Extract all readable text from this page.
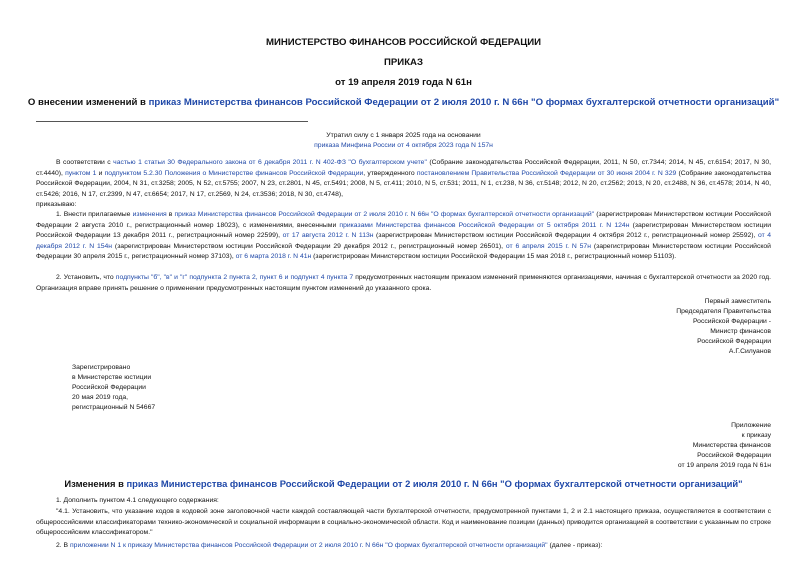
МИНИСТЕРСТВО ФИНАНСОВ РОССИЙСКОЙ ФЕДЕРАЦИИ
ПРИКАЗ
от 19 апреля 2019 года N 61н
О внесении изменений в приказ Министерства финансов Российской Федерации от 2 июля 2010 г. N 66н "О формах бухгалтерской отчетности организаций"
Утратил силу с 1 января 2025 года на основании
приказа Минфина России от 4 октября 2023 года N 157н

В соответствии с частью 1 статьи 30 Федерального закона от 6 декабря 2011 г. N 402-ФЗ "О бухгалтерском учете" (Собрание законодательства Российской Федерации, 2011, N 50, ст.7344; 2014, N 45, ст.6154; 2017, N 30, ст.4440), пунктом 1 и подпунктом 5.2.30 Положения о Министерстве финансов Российской Федерации, утвержденного постановлением Правительства Российской Федерации от 30 июня 2004 г. N 329 (Собрание законодательства Российской Федерации, 2004, N 31, ст.3258; 2005, N 52, ст.5755; 2007, N 23, ст.2801, N 45, ст.5491; 2008, N 5, ст.411; 2010, N 5, ст.531; 2011, N 1, ст.238, N 36, ст.5148; 2012, N 20, ст.2562; 2013, N 20, ст.2488, N 36, ст.4578; 2014, N 40, ст.5426; 2016, N 17, ст.2399, N 47, ст.6654; 2017, N 17, ст.2569, N 24, ст.3536; 2018, N 30, ст.4748),
приказываю:

1. Внести прилагаемые изменения в приказ Министерства финансов Российской Федерации от 2 июля 2010 г. N 66н "О формах бухгалтерской отчетности организаций" (зарегистрирован Министерством юстиции Российской Федерации 2 августа 2010 г., регистрационный номер 18023), с изменениями, внесенными приказами Министерства финансов Российской Федерации от 5 октября 2011 г. N 124н (зарегистрирован Министерством юстиции Российской Федерации 13 декабря 2011 г., регистрационный номер 22599), от 17 августа 2012 г. N 113н (зарегистрирован Министерством юстиции Российской Федерации 4 октября 2012 г., регистрационный номер 25592), от 4 декабря 2012 г. N 154н (зарегистрирован Министерством юстиции Российской Федерации 29 декабря 2012 г., регистрационный номер 26501), от 6 апреля 2015 г. N 57н (зарегистрирован Министерством юстиции Российской Федерации 30 апреля 2015 г., регистрационный номер 37103), от 6 марта 2018 г. N 41н (зарегистрирован Министерством юстиции Российской Федерации 15 мая 2018 г., регистрационный номер 51103).

2. Установить, что подпункты "б", "в" и "г" подпункта 2 пункта 2, пункт 6 и подпункт 4 пункта 7 предусмотренных настоящим приказом изменений применяются организациями, начиная с бухгалтерской отчетности за 2020 год. Организация вправе принять решение о применении предусмотренных настоящим пунктом изменений до указанного срока.

Первый заместитель
Председателя Правительства
Российской Федерации -
Министр финансов
Российской Федерации
А.Г.Силуанов
Зарегистрировано
в Министерстве юстиции
Российской Федерации
20 мая 2019 года,
регистрационный N 54667
Приложение
к приказу
Министерства финансов
Российской Федерации
от 19 апреля 2019 года N 61н
Изменения в приказ Министерства финансов Российской Федерации от 2 июля 2010 г. N 66н "О формах бухгалтерской отчетности организаций"

1. Дополнить пунктом 4.1 следующего содержания:

"4.1. Установить, что указание кодов в кодовой зоне заголовочной части каждой составляющей части бухгалтерской отчетности, предусмотренной пунктами 1, 2 и 2.1 настоящего приказа, осуществляется в соответствии с общероссийскими классификаторами технико-экономической и социальной информации в социально-экономической области. Код и наименование позиции (данных) приводится организацией в соответствии с указанным по строке общероссийским классификатором."

2. В приложении N 1 к приказу Министерства финансов Российской Федерации от 2 июля 2010 г. N 66н "О формах бухгалтерской отчетности организаций" (далее - приказ):
